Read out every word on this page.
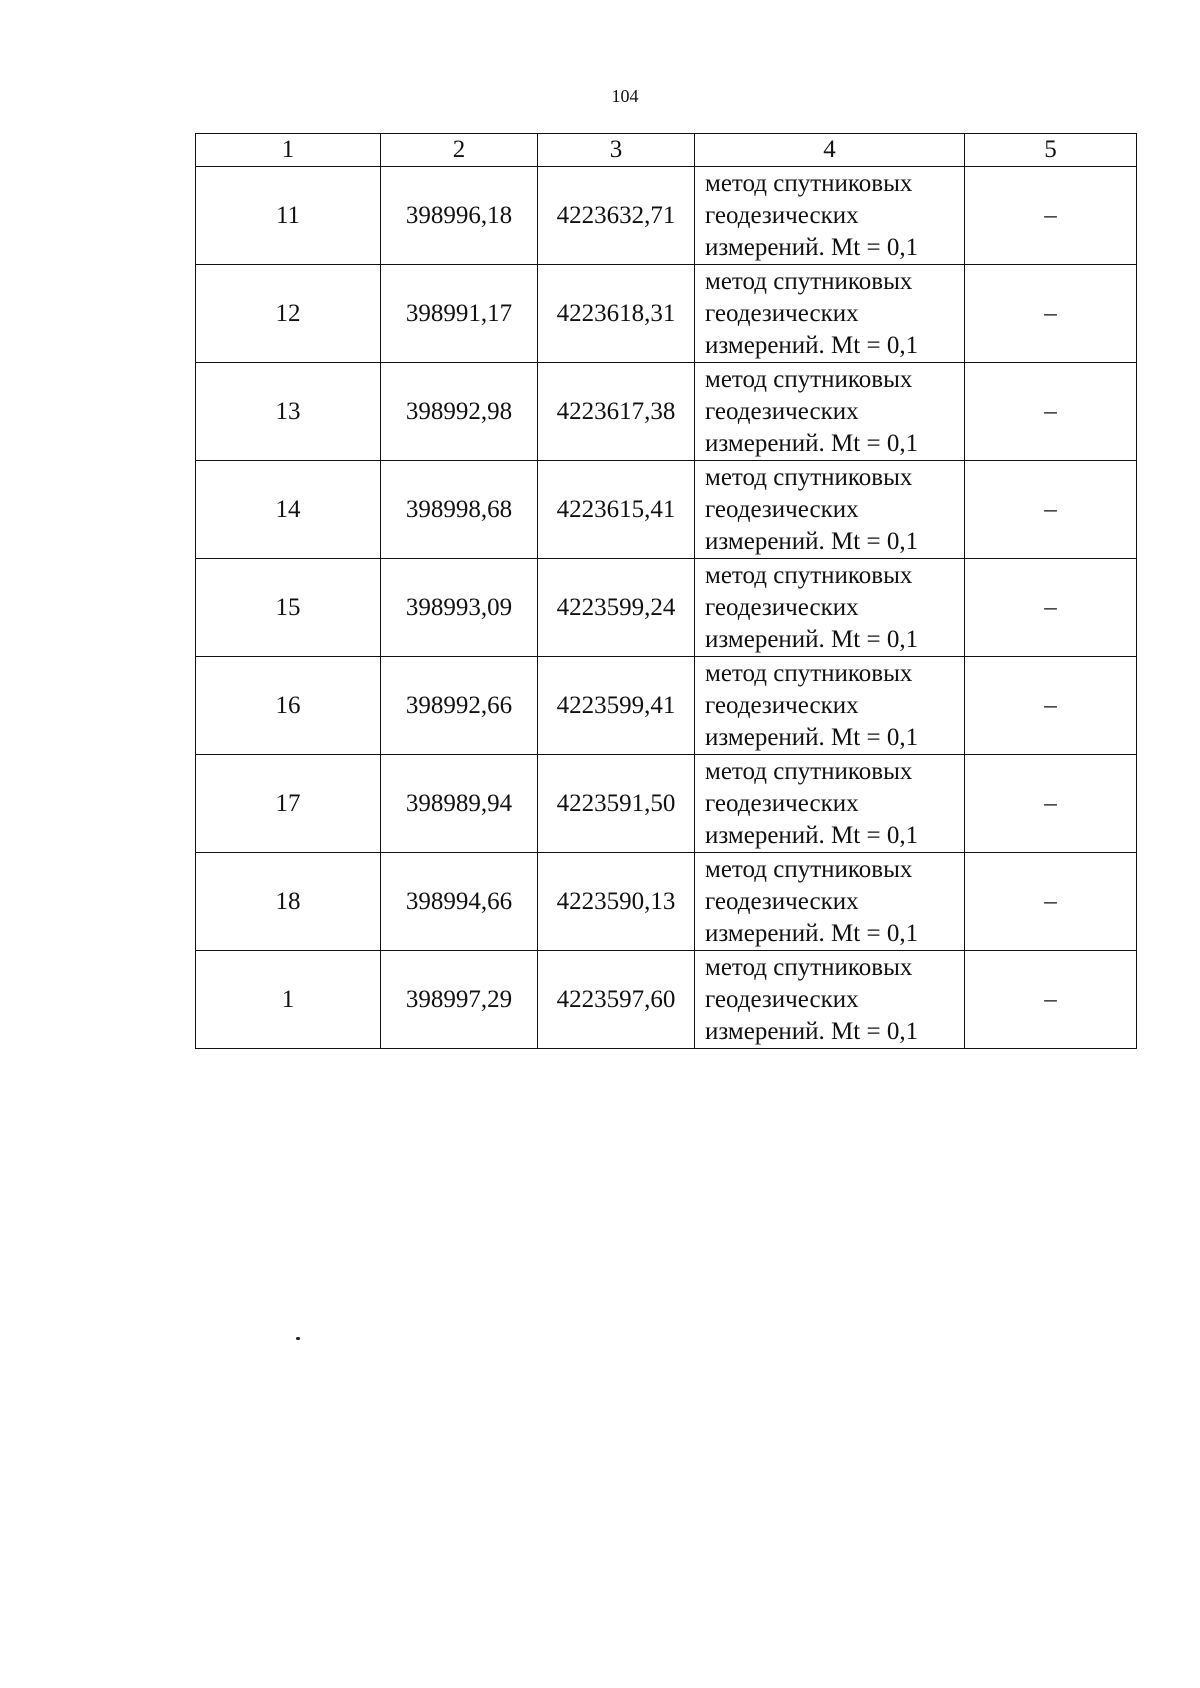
104
1	2	3	4	5
11	398996,18	4223632,71	метод спутниковых
геодезических
измерений. Mt = 0,1	–
12	398991,17	4223618,31	метод спутниковых
геодезических
измерений. Mt = 0,1	–
13	398992,98	4223617,38	метод спутниковых
геодезических
измерений. Mt = 0,1	–
14	398998,68	4223615,41	метод спутниковых
геодезических
измерений. Mt = 0,1	–
15	398993,09	4223599,24	метод спутниковых
геодезических
измерений. Mt = 0,1	–
16	398992,66	4223599,41	метод спутниковых
геодезических
измерений. Mt = 0,1	–
17	398989,94	4223591,50	метод спутниковых
геодезических
измерений. Mt = 0,1	–
18	398994,66	4223590,13	метод спутниковых
геодезических
измерений. Mt = 0,1	–
1	398997,29	4223597,60	метод спутниковых
геодезических
измерений. Mt = 0,1	–
